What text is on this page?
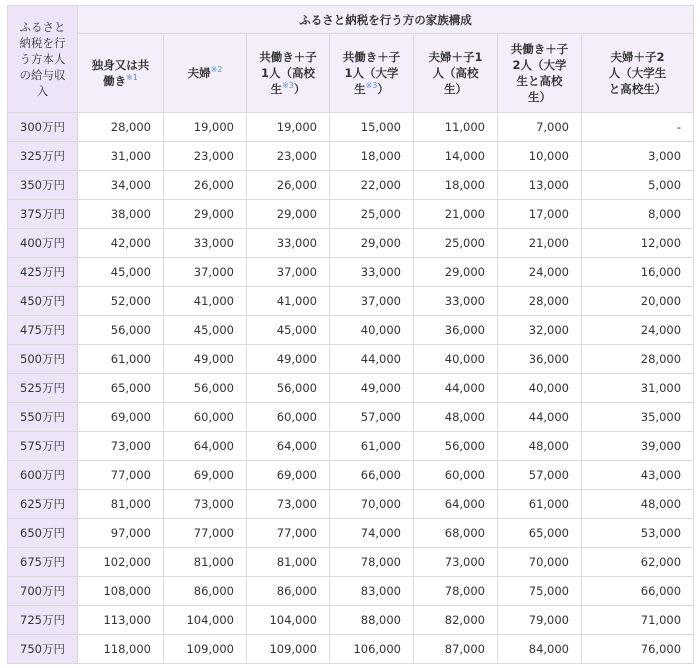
ふるさと
納税を行
う方本人
の給与収
入	ふるさと納税を行う方の家族構成						

	独身又は共
働き$^{※1}$	夫婦$^{※2}$	共働き＋子
1人（高校
生$^{※3}$）	共働き＋子
1人（大学
生$^{※3}$）	夫婦＋子1
人（高校
生）	共働き＋子
2人（大学
生と高校
生）	夫婦＋子2
人（大学生
と高校生）

300万円	28,000	19,000	19,000	15,000	11,000	7,000	-
325万円	31,000	23,000	23,000	18,000	14,000	10,000	3,000
350万円	34,000	26,000	26,000	22,000	18,000	13,000	5,000
375万円	38,000	29,000	29,000	25,000	21,000	17,000	8,000
400万円	42,000	33,000	33,000	29,000	25,000	21,000	12,000
425万円	45,000	37,000	37,000	33,000	29,000	24,000	16,000
450万円	52,000	41,000	41,000	37,000	33,000	28,000	20,000
475万円	56,000	45,000	45,000	40,000	36,000	32,000	24,000
500万円	61,000	49,000	49,000	44,000	40,000	36,000	28,000
525万円	65,000	56,000	56,000	49,000	44,000	40,000	31,000
550万円	69,000	60,000	60,000	57,000	48,000	44,000	35,000
575万円	73,000	64,000	64,000	61,000	56,000	48,000	39,000
600万円	77,000	69,000	69,000	66,000	60,000	57,000	43,000
625万円	81,000	73,000	73,000	70,000	64,000	61,000	48,000
650万円	97,000	77,000	77,000	74,000	68,000	65,000	53,000
675万円	102,000	81,000	81,000	78,000	73,000	70,000	62,000
700万円	108,000	86,000	86,000	83,000	78,000	75,000	66,000
725万円	113,000	104,000	104,000	88,000	82,000	79,000	71,000
750万円	118,000	109,000	109,000	106,000	87,000	84,000	76,000
